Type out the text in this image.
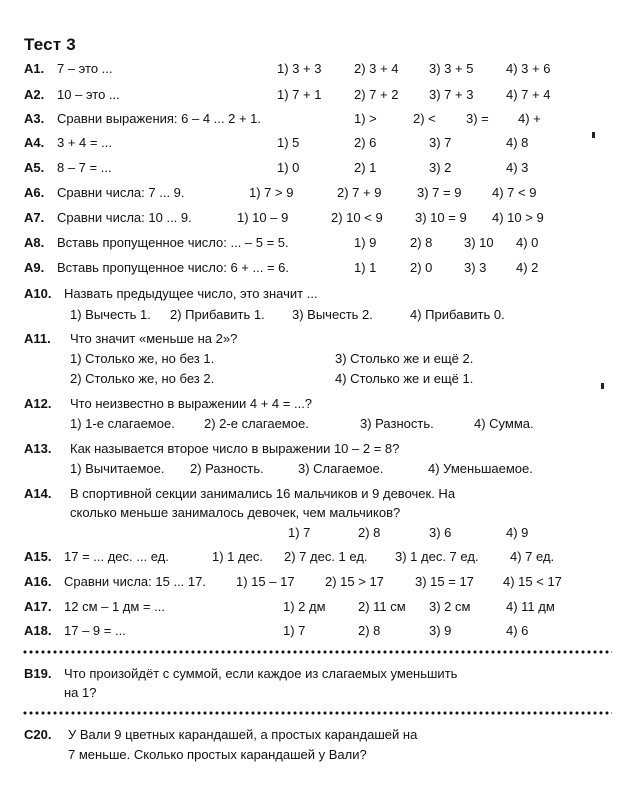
Тест 3
A1. 7 – это ...	1) 3 + 3	2) 3 + 4 3) 3 + 5	4) 3 + 6
A2. 10 – это ...	1) 7 + 1	2) 7 + 2 3) 7 + 3	4) 7 + 4
A3. Сравни выражения: 6 – 4 ... 2 + 1.	1) >	2) < 3) = 4) +
A4. 3 + 4 = ...	1) 5	2) 6	3) 7	4) 8
A5. 8 – 7 = ...	1) 0	2) 1	3) 2	4) 3
A6. Сравни числа: 7 ... 9.	1) 7 > 9	2) 7 + 9	3) 7 = 9 4) 7 < 9
A7. Сравни числа: 10 ... 9.	1) 10 – 9	2) 10 < 9 3) 10 = 9 4) 10 > 9
A8. Вставь пропущенное число: ... – 5 = 5.	1) 9	2) 8 3) 10 4) 0
A9. Вставь пропущенное число: 6 + ... = 6.	1) 1	2) 0 3) 3 4) 2
A10. Назвать предыдущее число, это значит ...
1) Вычесть 1. 2) Прибавить 1. 3) Вычесть 2.	4) Прибавить 0.
A11. Что значит «меньше на 2»?
1) Столько же, но без 1.	3) Столько же и ещё 2.
2) Столько же, но без 2.	4) Столько же и ещё 1.
A12. Что неизвестно в выражении 4 + 4 = ...?
1) 1-е слагаемое. 2) 2-е слагаемое.	3) Разность.	4) Сумма.
A13. Как называется второе число в выражении 10 – 2 = 8?
1) Вычитаемое. 2) Разность.	3) Слагаемое.	4) Уменьшаемое.
A14. В спортивной секции занимались 16 мальчиков и 9 девочек. На
сколько меньше занималось девочек, чем мальчиков?
1) 7	2) 8	3) 6	4) 9
A15. 17 = ... дес. ... ед.	1) 1 дес. 2) 7 дес. 1 ед. 3) 1 дес. 7 ед. 4) 7 ед.
A16. Сравни числа: 15 ... 17. 1) 15 – 17 2) 15 > 17 3) 15 = 17 4) 15 < 17
A17. 12 см – 1 дм = ...	1) 2 дм 2) 11 см 3) 2 см	4) 11 дм
A18. 17 – 9 = ...	1) 7	2) 8	3) 9	4) 6
B19. Что произойдёт с суммой, если каждое из слагаемых уменьшить
на 1?
C20. У Вали 9 цветных карандашей, а простых карандашей на
7 меньше. Сколько простых карандашей у Вали?
